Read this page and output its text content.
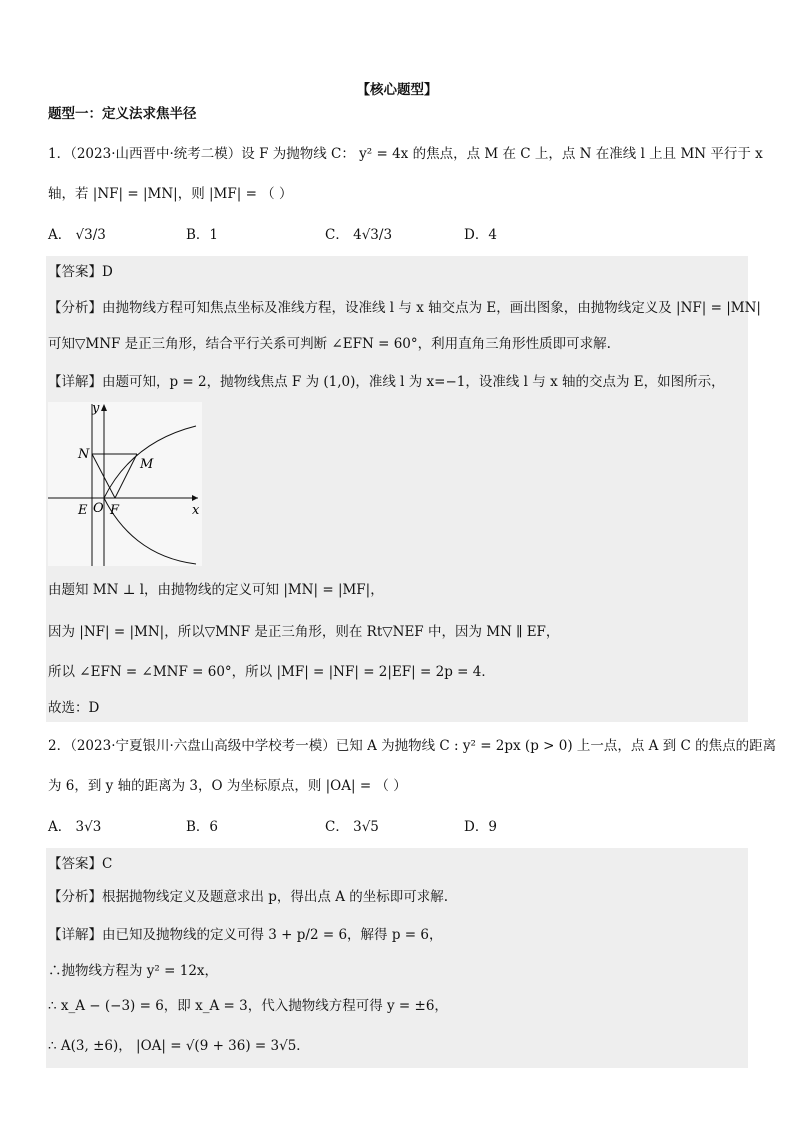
【核心题型】
题型一：定义法求焦半径
1．（2023·山西晋中·统考二模）设 F 为抛物线 C： y² = 4x 的焦点，点 M 在 C 上，点 N 在准线 l 上且 MN 平行于 x
轴，若 |NF| = |MN|，则 |MF| = （ ）
A． √3/3	B．1	C． 4√3/3	D．4
【答案】D
【分析】由抛物线方程可知焦点坐标及准线方程，设准线 l 与 x 轴交点为 E，画出图象，由抛物线定义及 |NF| = |MN|
可知▽MNF 是正三角形，结合平行关系可判断 ∠EFN = 60°，利用直角三角形性质即可求解.
【详解】由题可知，p = 2，抛物线焦点 F 为 (1,0)，准线 l 为 x=−1，设准线 l 与 x 轴的交点为 E，如图所示，
x
y
N
M
E O F
由题知 MN ⊥ l，由抛物线的定义可知 |MN| = |MF|，
因为 |NF| = |MN|，所以▽MNF 是正三角形，则在 Rt▽NEF 中，因为 MN ∥ EF，
所以 ∠EFN = ∠MNF = 60°，所以 |MF| = |NF| = 2|EF| = 2p = 4．
故选：D
2．（2023·宁夏银川·六盘山高级中学校考一模）已知 A 为抛物线 C : y² = 2px (p > 0) 上一点，点 A 到 C 的焦点的距离
为 6，到 y 轴的距离为 3，O 为坐标原点，则 |OA| = （ ）
A． 3√3	B．6	C． 3√5	D．9
【答案】C
【分析】根据抛物线定义及题意求出 p，得出点 A 的坐标即可求解.
【详解】由已知及抛物线的定义可得 3 + p/2 = 6，解得 p = 6，
∴抛物线方程为 y² = 12x，
∴ x_A − (−3) = 6，即 x_A = 3，代入抛物线方程可得 y = ±6，
∴ A(3, ±6)， |OA| = √(9 + 36) = 3√5．
